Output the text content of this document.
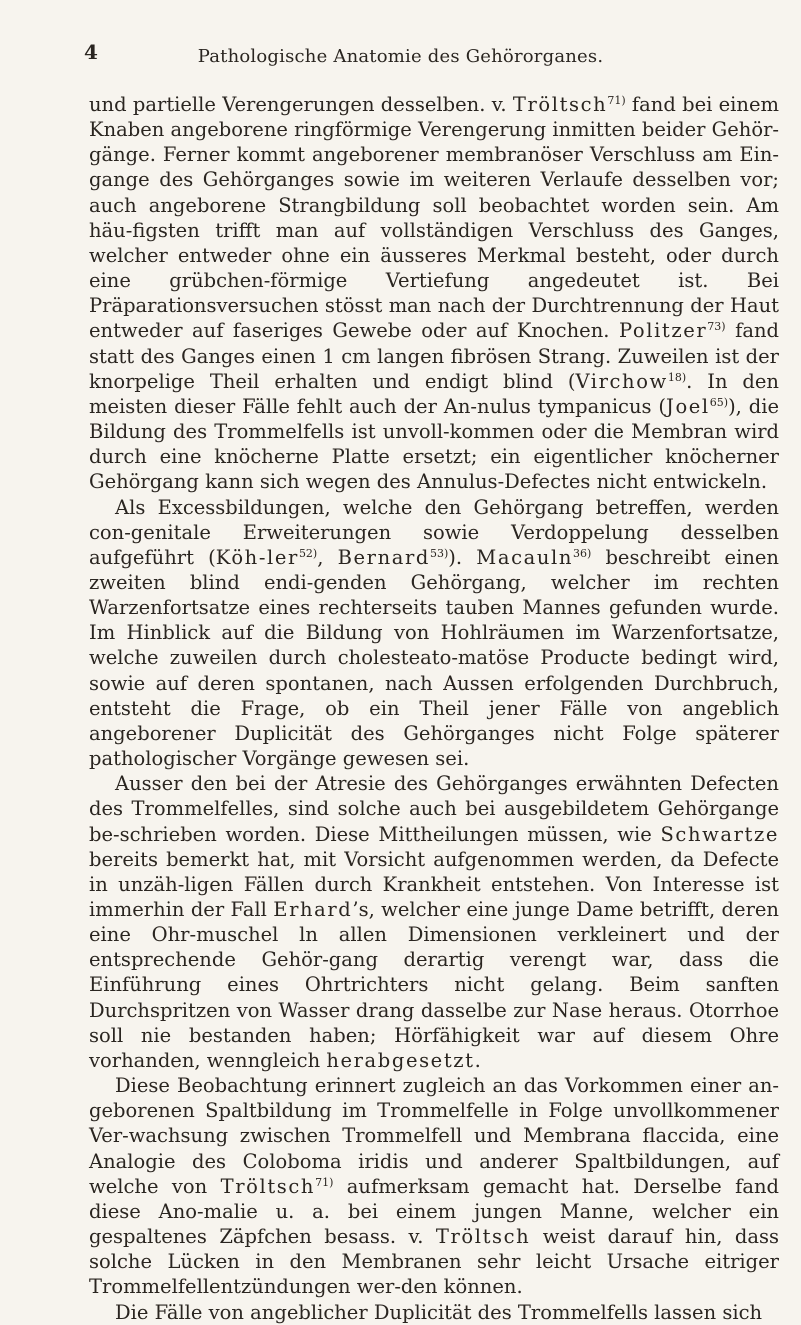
4	Pathologische Anatomie des Gehörorganes.

und partielle Verengerungen desselben. v. Tröltsch$^{71)}$ fand bei einem Knaben angeborene ringförmige Verengerung inmitten beider Gehör-gänge. Ferner kommt angeborener membranöser Verschluss am Ein-gange des Gehörganges sowie im weiteren Verlaufe desselben vor; auch angeborene Strangbildung soll beobachtet worden sein. Am häu-figsten trifft man auf vollständigen Verschluss des Ganges, welcher entweder ohne ein äusseres Merkmal besteht, oder durch eine grübchen-förmige Vertiefung angedeutet ist. Bei Präparationsversuchen stösst man nach der Durchtrennung der Haut entweder auf faseriges Gewebe oder auf Knochen. Politzer$^{73)}$ fand statt des Ganges einen 1 cm langen fibrösen Strang. Zuweilen ist der knorpelige Theil erhalten und endigt blind (Virchow$^{18)}$. In den meisten dieser Fälle fehlt auch der An-nulus tympanicus (Joel$^{65)}$), die Bildung des Trommelfells ist unvoll-kommen oder die Membran wird durch eine knöcherne Platte ersetzt; ein eigentlicher knöcherner Gehörgang kann sich wegen des Annulus-Defectes nicht entwickeln.

Als Excessbildungen, welche den Gehörgang betreffen, werden con-genitale Erweiterungen sowie Verdoppelung desselben aufgeführt (Köh-ler$^{52)}$, Bernard$^{53)}$). Macauln$^{36)}$ beschreibt einen zweiten blind endi-genden Gehörgang, welcher im rechten Warzenfortsatze eines rechterseits tauben Mannes gefunden wurde. Im Hinblick auf die Bildung von Hohlräumen im Warzenfortsatze, welche zuweilen durch cholesteato-matöse Producte bedingt wird, sowie auf deren spontanen, nach Aussen erfolgenden Durchbruch, entsteht die Frage, ob ein Theil jener Fälle von angeblich angeborener Duplicität des Gehörganges nicht Folge späterer pathologischer Vorgänge gewesen sei.

Ausser den bei der Atresie des Gehörganges erwähnten Defecten des Trommelfelles, sind solche auch bei ausgebildetem Gehörgange be-schrieben worden. Diese Mittheilungen müssen, wie Schwartze bereits bemerkt hat, mit Vorsicht aufgenommen werden, da Defecte in unzäh-ligen Fällen durch Krankheit entstehen. Von Interesse ist immerhin der Fall Erhard’s, welcher eine junge Dame betrifft, deren eine Ohr-muschel ln allen Dimensionen verkleinert und der entsprechende Gehör-gang derartig verengt war, dass die Einführung eines Ohrtrichters nicht gelang. Beim sanften Durchspritzen von Wasser drang dasselbe zur Nase heraus. Otorrhoe soll nie bestanden haben; Hörfähigkeit war auf diesem Ohre vorhanden, wenngleich herabgesetzt.

Diese Beobachtung erinnert zugleich an das Vorkommen einer an-geborenen Spaltbildung im Trommelfelle in Folge unvollkommener Ver-wachsung zwischen Trommelfell und Membrana flaccida, eine Analogie des Coloboma iridis und anderer Spaltbildungen, auf welche von Tröltsch$^{71)}$ aufmerksam gemacht hat. Derselbe fand diese Ano-malie u. a. bei einem jungen Manne, welcher ein gespaltenes Zäpfchen besass. v. Tröltsch weist darauf hin, dass solche Lücken in den Membranen sehr leicht Ursache eitriger Trommelfellentzündungen wer-den können.

Die Fälle von angeblicher Duplicität des Trommelfells lassen sich
